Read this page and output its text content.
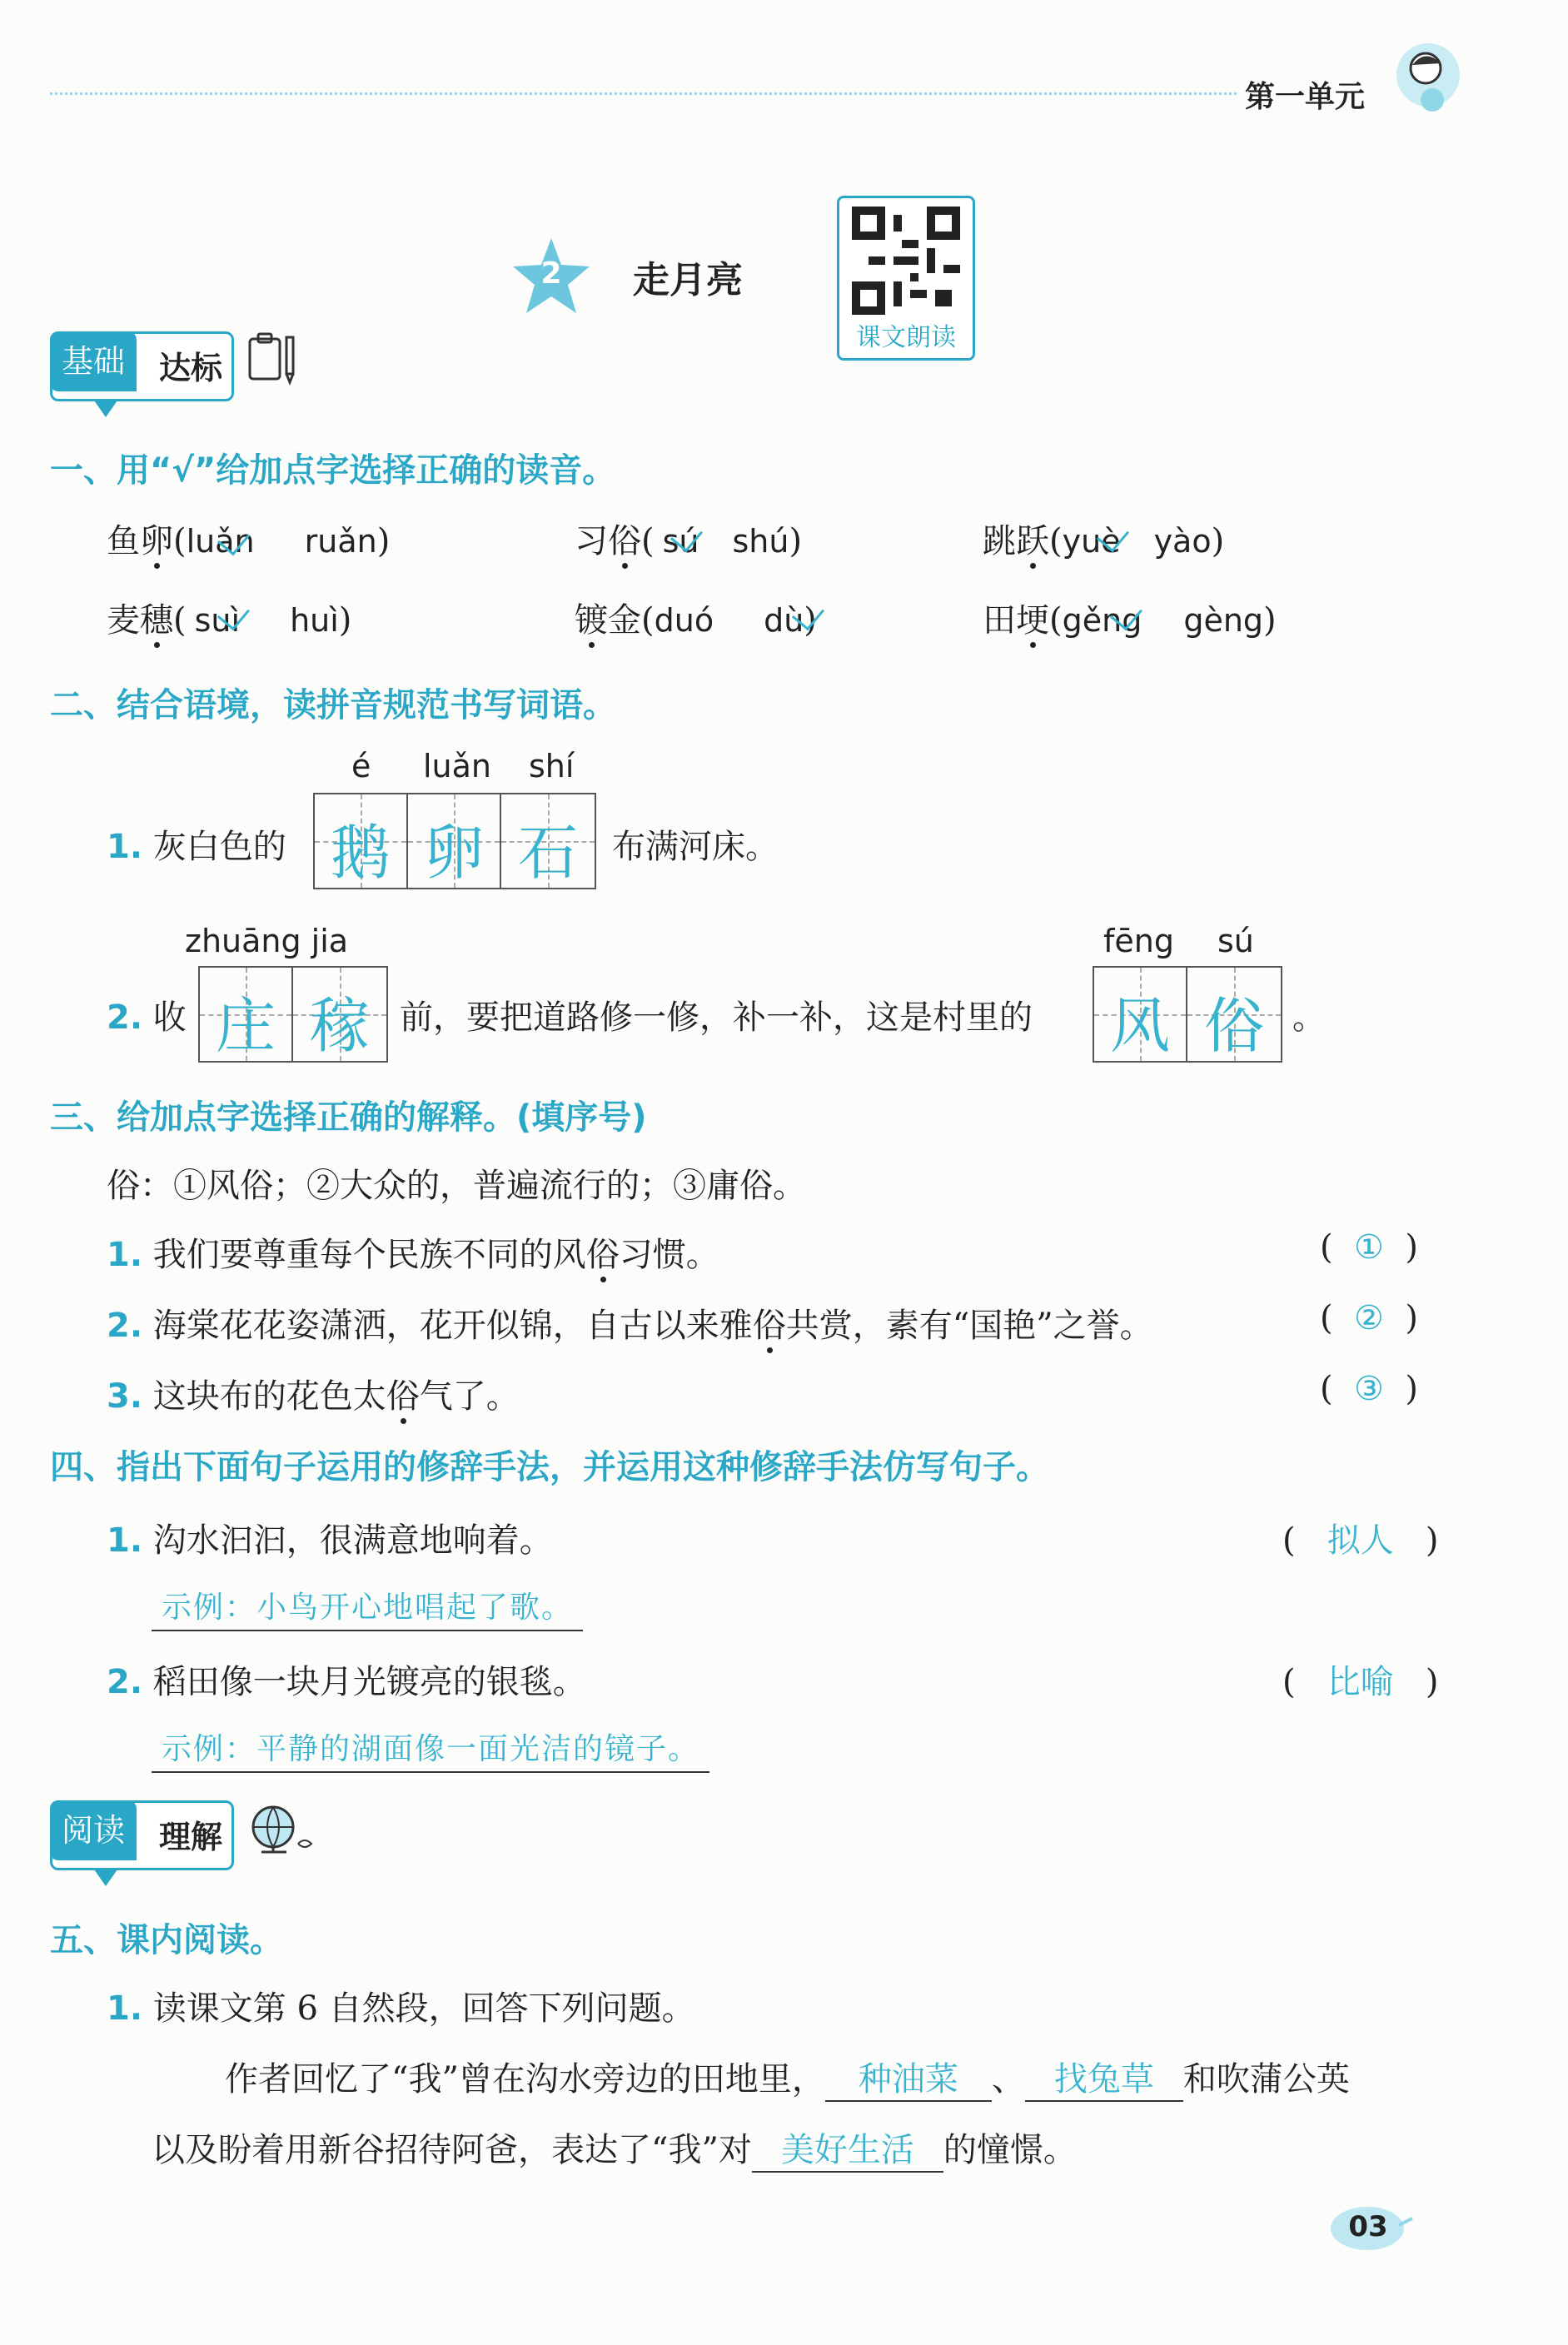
第一单元
2	走月亮
课文朗读
基础	达标
一、用“√”给加点字选择正确的读音。
鱼卵(luǎn ruǎn)	习俗( sú shú)	跳跃(yuè yào)
麦穗( suì huì)	镀金(duó dù)	田埂(gěng gèng)
二、结合语境，读拼音规范书写词语。
é luǎn shí
1. 灰白色的 鹅 卵 石	布满河床。
zhuāng jia	fēng sú
2. 收 庄 稼 前，要把道路修一修，补一补，这是村里的 风 俗 。
三、给加点字选择正确的解释。(填序号)
俗：①风俗；②大众的，普遍流行的；③庸俗。
1. 我们要尊重每个民族不同的风俗习惯。	(  ①  )
2. 海棠花花姿潇洒，花开似锦，自古以来雅俗共赏，素有“国艳”之誉。	(  ②  )
3. 这块布的花色太俗气了。	(  ③  )
四、指出下面句子运用的修辞手法，并运用这种修辞手法仿写句子。
1. 沟水汩汩，很满意地响着。	(   拟人   )
示例：小鸟开心地唱起了歌。
2. 稻田像一块月光镀亮的银毯。	(   比喻   )
示例：平静的湖面像一面光洁的镜子。
阅读	理解
五、课内阅读。
1. 读课文第 6 自然段，回答下列问题。
作者回忆了“我”曾在沟水旁边的田地里， 种油菜 、 找兔草 和吹蒲公英
以及盼着用新谷招待阿爸，表达了“我”对 美好生活 的憧憬。
03
